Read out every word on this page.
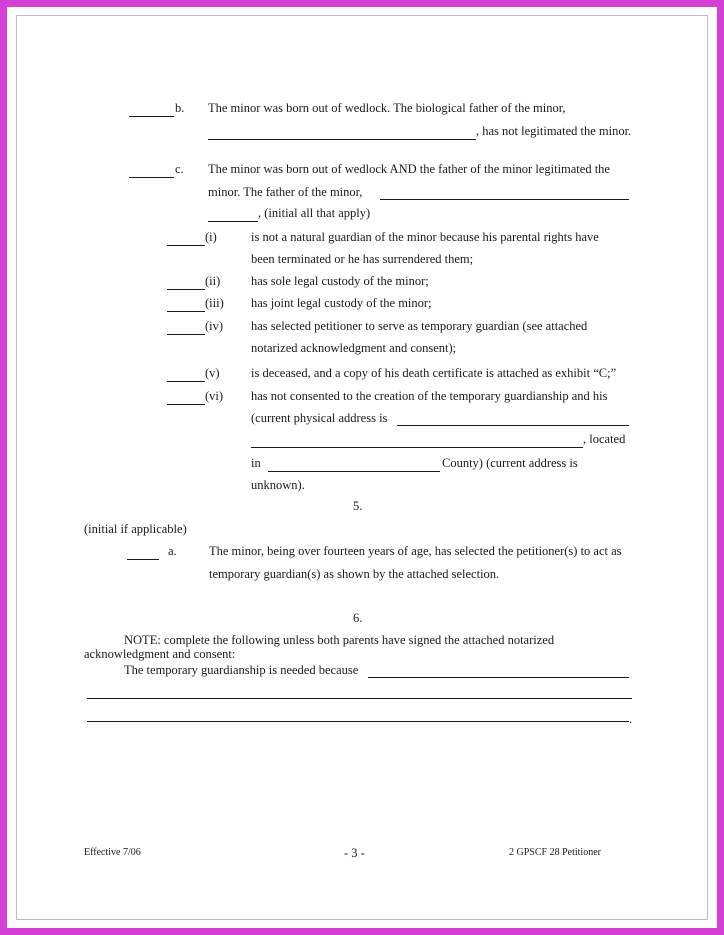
b. The minor was born out of wedlock. The biological father of the minor,
, has not legitimated the minor.
c. The minor was born out of wedlock AND the father of the minor legitimated the
minor. The father of the minor,
, (initial all that apply)
(i)	is not a natural guardian of the minor because his parental rights have
been terminated or he has surrendered them;
(ii) has sole legal custody of the minor;
(iii) has joint legal custody of the minor;
(iv) has selected petitioner to serve as temporary guardian (see attached
notarized acknowledgment and consent);
(v)	is deceased, and a copy of his death certificate is attached as exhibit “C;”
(vi) has not consented to the creation of the temporary guardianship and his
(current physical address is
, located
in	County) (current address is
unknown).
5.
(initial if applicable)
a.	The minor, being over fourteen years of age, has selected the petitioner(s) to act as
temporary guardian(s) as shown by the attached selection.
6.
NOTE: complete the following unless both parents have signed the attached notarized
acknowledgment and consent:
The temporary guardianship is needed because
.
Effective 7/06	- 3 -	2 GPSCF 28 Petitioner
